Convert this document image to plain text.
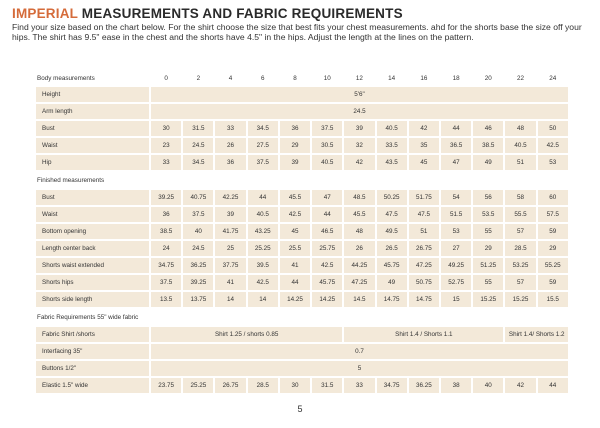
IMPERIAL MEASUREMENTS AND FABRIC REQUIREMENTS
Find your size based on the chart below. For the shirt choose the size that best fits your chest measurements. ahd for the shorts base the size off your hips. The shirt has 9.5" ease in the chest and the shorts have 4.5" in the hips. Adjust the length at the lines on the pattern.
Body measurements	0	2	4	6	8	10	12	14	16	18	20	22	24
Height	5'6"												
Arm length	24.5												
Bust	30	31.5	33	34.5	36	37.5	39	40.5	42	44	46	48	50
Waist	23	24.5	26	27.5	29	30.5	32	33.5	35	36.5	38.5	40.5	42.5
Hip	33	34.5	36	37.5	39	40.5	42	43.5	45	47	49	51	53
Finished measurements													
Bust	39.25	40.75	42.25	44	45.5	47	48.5	50.25	51.75	54	56	58	60
Waist	36	37.5	39	40.5	42.5	44	45.5	47.5	47.5	51.5	53.5	55.5	57.5
Bottom opening	38.5	40	41.75	43.25	45	46.5	48	49.5	51	53	55	57	59
Length center back	24	24.5	25	25.25	25.5	25.75	26	26.5	26.75	27	29	28.5	29
Shorts waist extended	34.75	36.25	37.75	39.5	41	42.5	44.25	45.75	47.25	49.25	51.25	53.25	55.25
Shorts hips	37.5	39.25	41	42.5	44	45.75	47.25	49	50.75	52.75	55	57	59
Shorts side length	13.5	13.75	14	14	14.25	14.25	14.5	14.75	14.75	15	15.25	15.25	15.5
Fabric Requirements 55" wide fabric													
Fabric Shirt /shorts	Shirt 1.25 / shorts 0.85						Shirt 1.4 / Shorts 1.1					Shirt 1.4/ Shorts 1.2	
Interfacing 35"	0.7												
Buttons 1/2"	5												
Elastic 1.5" wide	23.75	25.25	26.75	28.5	30	31.5	33	34.75	36.25	38	40	42	44
5
